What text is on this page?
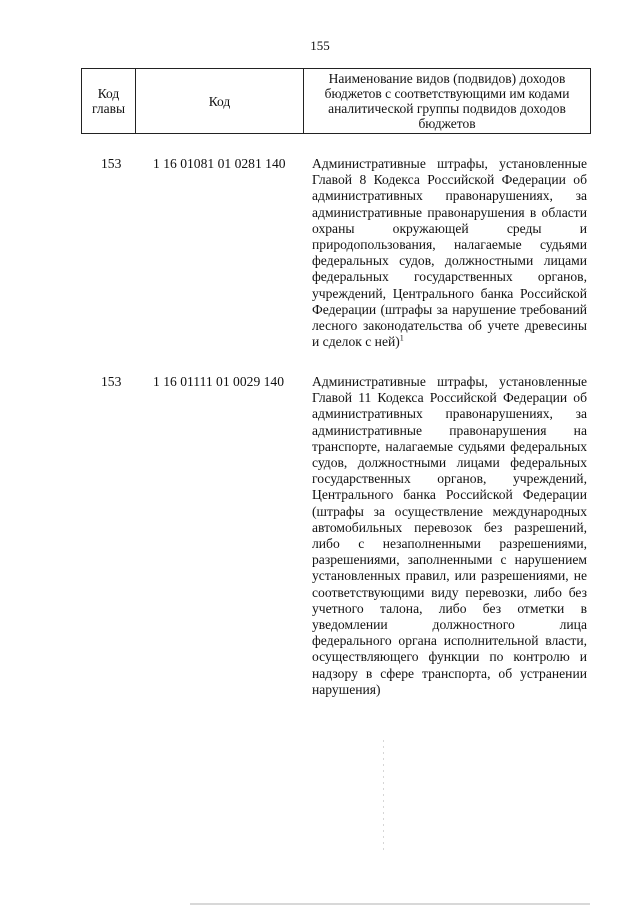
155
Код главы	Код	Наименование видов (подвидов) доходов бюджетов с соответствующими им кодами аналитической группы подвидов доходов бюджетов
153	1 16 01081 01 0281 140	Административные штрафы, установленные Главой 8 Кодекса Российской Федерации об административных правонарушениях, за административные правонарушения в области охраны окружающей среды и природопользования, налагаемые судьями федеральных судов, должностными лицами федеральных государственных органов, учреждений, Центрального банка Российской Федерации (штрафы за нарушение требований лесного законодательства об учете древесины и сделок с ней)$^1$
153	1 16 01111 01 0029 140	Административные штрафы, установленные Главой 11 Кодекса Российской Федерации об административных правонарушениях, за административные правонарушения на транспорте, налагаемые судьями федеральных судов, должностными лицами федеральных государственных органов, учреждений, Центрального банка Российской Федерации (штрафы за осуществление международных автомобильных перевозок без разрешений, либо с незаполненными разрешениями, разрешениями, заполненными с нарушением установленных правил, или разрешениями, не соответствующими виду перевозки, либо без учетного талона, либо без отметки в уведомлении должностного лица федерального органа исполнительной власти, осуществляющего функции по контролю и надзору в сфере транспорта, об устранении нарушения)
